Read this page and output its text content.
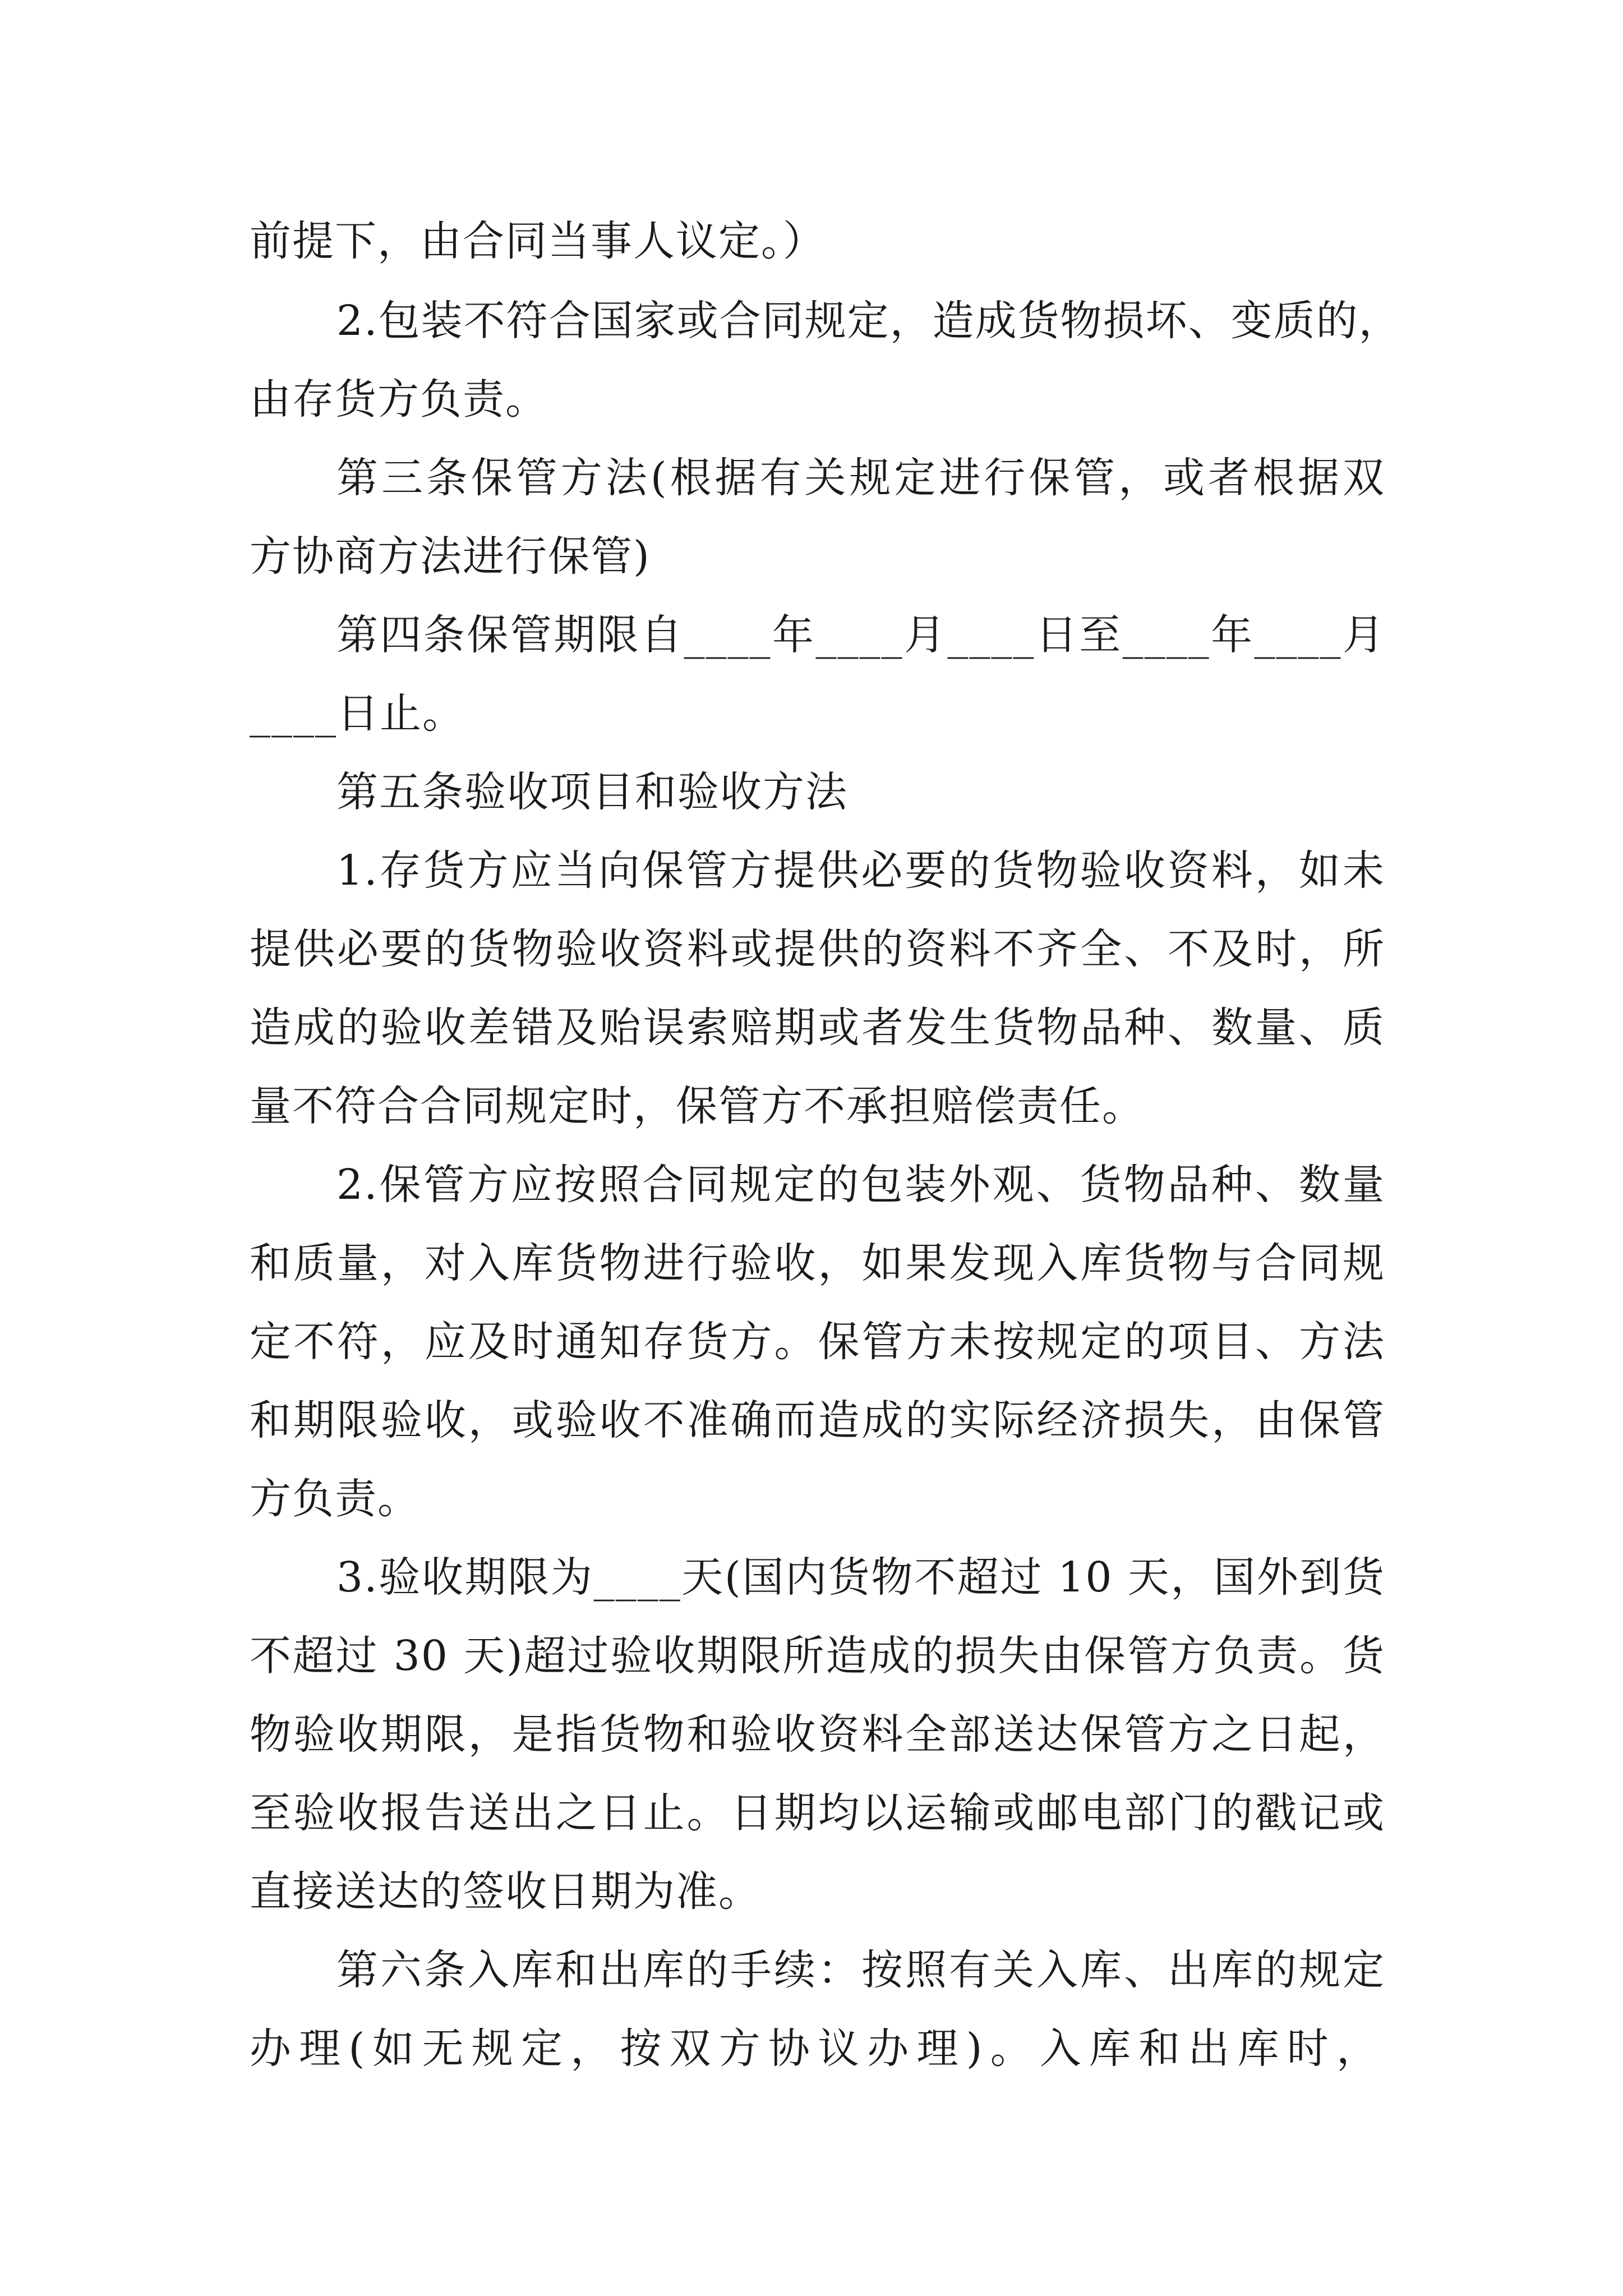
前提下，由合同当事人议定。）
2.包装不符合国家或合同规定，造成货物损坏、变质的，
由存货方负责。
第三条保管方法(根据有关规定进行保管，或者根据双
方协商方法进行保管)
第四条保管期限自____年____月____日至____年____月
____日止。
第五条验收项目和验收方法
1.存货方应当向保管方提供必要的货物验收资料，如未
提供必要的货物验收资料或提供的资料不齐全、不及时，所
造成的验收差错及贻误索赔期或者发生货物品种、数量、质
量不符合合同规定时，保管方不承担赔偿责任。
2.保管方应按照合同规定的包装外观、货物品种、数量
和质量，对入库货物进行验收，如果发现入库货物与合同规
定不符，应及时通知存货方。保管方未按规定的项目、方法
和期限验收，或验收不准确而造成的实际经济损失，由保管
方负责。
3.验收期限为____天(国内货物不超过 10 天，国外到货
不超过 30 天)超过验收期限所造成的损失由保管方负责。货
物验收期限，是指货物和验收资料全部送达保管方之日起，
至验收报告送出之日止。日期均以运输或邮电部门的戳记或
直接送达的签收日期为准。
第六条入库和出库的手续：按照有关入库、出库的规定
办理(如无规定，按双方协议办理)。入库和出库时，
